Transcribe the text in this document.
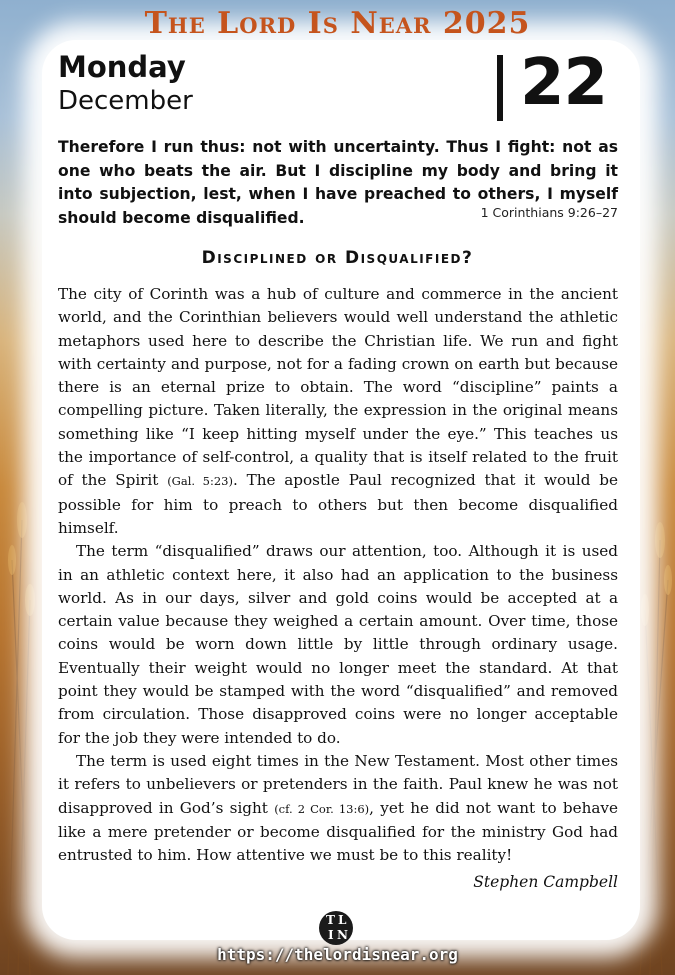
The Lord Is Near 2025
Monday
December	22
Therefore I run thus: not with uncertainty. Thus I fight: not as one who beats the air. But I discipline my body and bring it into subjection, lest, when I have preached to others, I myself should become disqualified.	1 Corinthians 9:26–27
Disciplined or Disqualified?

The city of Corinth was a hub of culture and commerce in the ancient world, and the Corinthian believers would well understand the athletic metaphors used here to describe the Christian life. We run and fight with certainty and purpose, not for a fading crown on earth but because there is an eternal prize to obtain. The word “discipline” paints a compelling picture. Taken literally, the expression in the original means something like “I keep hitting myself under the eye.” This teaches us the importance of self-control, a quality that is itself related to the fruit of the Spirit (Gal. 5:23). The apostle Paul recognized that it would be possible for him to preach to others but then become disqualified himself.

The term “disqualified” draws our attention, too. Although it is used in an athletic context here, it also had an application to the business world. As in our days, silver and gold coins would be accepted at a certain value because they weighed a certain amount. Over time, those coins would be worn down little by little through ordinary usage. Eventually their weight would no longer meet the standard. At that point they would be stamped with the word “disqualified” and removed from circulation. Those disapproved coins were no longer acceptable for the job they were intended to do.

The term is used eight times in the New Testament. Most other times it refers to unbelievers or pretenders in the faith. Paul knew he was not disapproved in God’s sight (cf. 2 Cor. 13:6), yet he did not want to behave like a mere pretender or become disqualified for the ministry God had entrusted to him. How attentive we must be to this reality!

Stephen Campbell
T L
I N
https://thelordisnear.org
